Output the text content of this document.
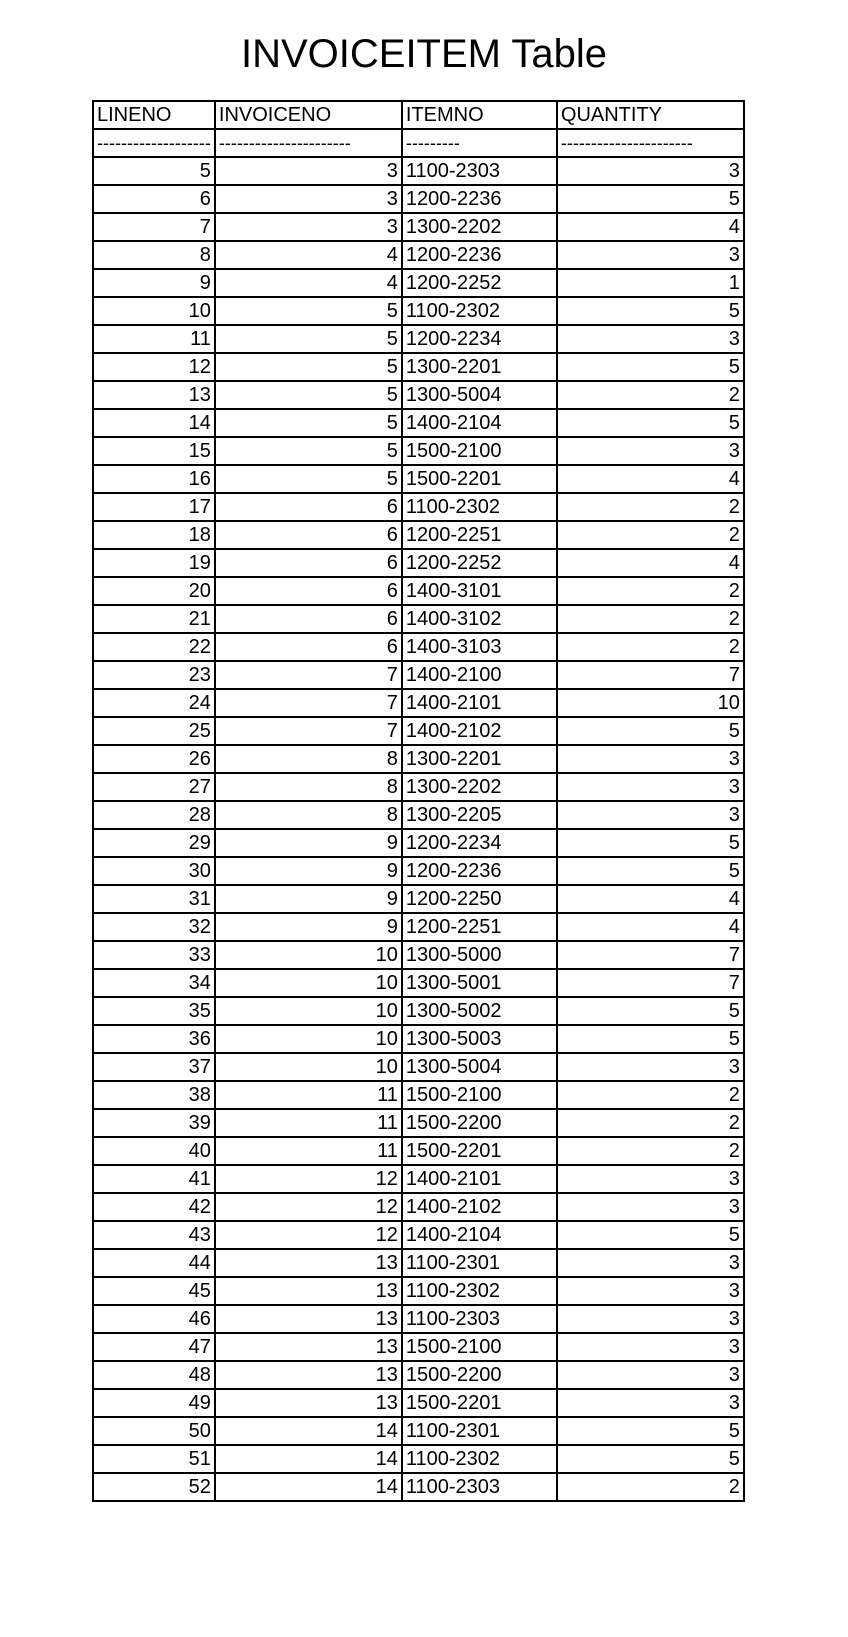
INVOICEITEM Table
LINENO	INVOICENO	ITEMNO	QUANTITY
-------------------	----------------------	---------	----------------------
5	3	1100-2303	3
6	3	1200-2236	5
7	3	1300-2202	4
8	4	1200-2236	3
9	4	1200-2252	1
10	5	1100-2302	5
11	5	1200-2234	3
12	5	1300-2201	5
13	5	1300-5004	2
14	5	1400-2104	5
15	5	1500-2100	3
16	5	1500-2201	4
17	6	1100-2302	2
18	6	1200-2251	2
19	6	1200-2252	4
20	6	1400-3101	2
21	6	1400-3102	2
22	6	1400-3103	2
23	7	1400-2100	7
24	7	1400-2101	10
25	7	1400-2102	5
26	8	1300-2201	3
27	8	1300-2202	3
28	8	1300-2205	3
29	9	1200-2234	5
30	9	1200-2236	5
31	9	1200-2250	4
32	9	1200-2251	4
33	10	1300-5000	7
34	10	1300-5001	7
35	10	1300-5002	5
36	10	1300-5003	5
37	10	1300-5004	3
38	11	1500-2100	2
39	11	1500-2200	2
40	11	1500-2201	2
41	12	1400-2101	3
42	12	1400-2102	3
43	12	1400-2104	5
44	13	1100-2301	3
45	13	1100-2302	3
46	13	1100-2303	3
47	13	1500-2100	3
48	13	1500-2200	3
49	13	1500-2201	3
50	14	1100-2301	5
51	14	1100-2302	5
52	14	1100-2303	2
